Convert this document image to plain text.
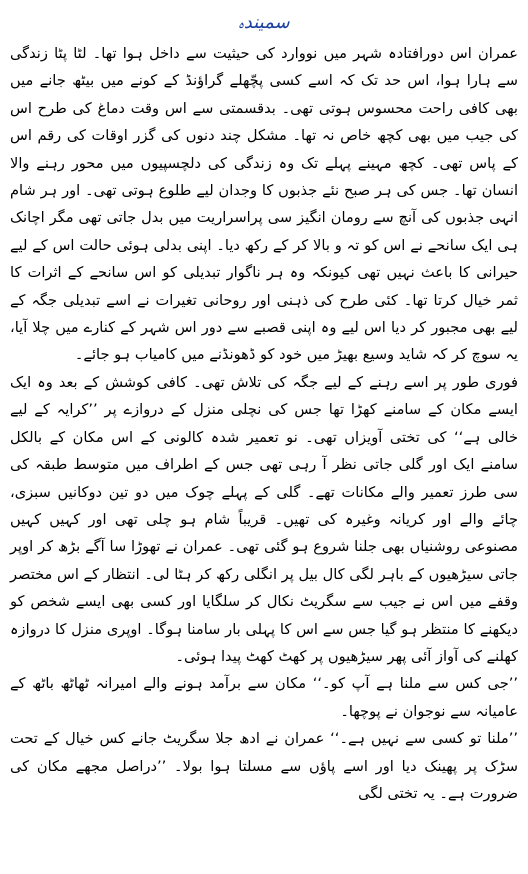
ﺳﻤﯿﻨﺪﮦ

عمران اس دورافتادہ شہر میں نووارد کی حیثیت سے داخل ہوا تھا۔ لٹا پٹا زندگی سے ہارا ہوا، اس حد تک کہ اسے کسی پچّھلے گراؤنڈ کے کونے میں بیٹھ جانے میں بھی کافی راحت محسوس ہوتی تھی۔ بدقسمتی سے اس وقت دماغ کی طرح اس کی جیب میں بھی کچھ خاص نہ تھا۔ مشکل چند دنوں کی گزر اوقات کی رقم اس کے پاس تھی۔ کچھ مہینے پہلے تک وہ زندگی کی دلچسپیوں میں محور رہنے والا انسان تھا۔ جس کی ہر صبح نئے جذبوں کا وجدان لیے طلوع ہوتی تھی۔ اور ہر شام انہی جذبوں کی آنچ سے رومان انگیز سی پراسراریت میں بدل جاتی تھی مگر اچانک ہی ایک سانحے نے اس کو تہ و بالا کر کے رکھ دیا۔ اپنی بدلی ہوئی حالت اس کے لیے حیرانی کا باعث نہیں تھی کیونکہ وہ ہر ناگوار تبدیلی کو اس سانحے کے اثرات کا ثمر خیال کرتا تھا۔ کئی طرح کی ذہنی اور روحانی تغیرات نے اسے تبدیلی جگہ کے لیے بھی مجبور کر دیا اس لیے وہ اپنی قصبے سے دور اس شہر کے کنارے میں چلا آیا، یہ سوچ کر کہ شاید وسیع بھیڑ میں خود کو ڈھونڈنے میں کامیاب ہو جائے۔

فوری طور پر اسے رہنے کے لیے جگہ کی تلاش تھی۔ کافی کوشش کے بعد وہ ایک ایسے مکان کے سامنے کھڑا تھا جس کی نچلی منزل کے دروازے پر ’’کرایہ کے لیے خالی ہے‘‘ کی تختی آویزاں تھی۔ نو تعمیر شدہ کالونی کے اس مکان کے بالکل سامنے ایک اور گلی جاتی نظر آ رہی تھی جس کے اطراف میں متوسط طبقہ کی سی طرز تعمیر والے مکانات تھے۔ گلی کے پہلے چوک میں دو تین دوکانیں سبزی، چائے والے اور کریانہ وغیرہ کی تھیں۔ قریباً شام ہو چلی تھی اور کہیں کہیں مصنوعی روشنیاں بھی جلنا شروع ہو گئی تھی۔ عمران نے تھوڑا سا آگے بڑھ کر اوپر جاتی سیڑھیوں کے باہر لگی کال بیل پر انگلی رکھ کر ہٹا لی۔ انتظار کے اس مختصر وقفے میں اس نے جیب سے سگریٹ نکال کر سلگایا اور کسی بھی ایسے شخص کو دیکھنے کا منتظر ہو گیا جس سے اس کا پہلی بار سامنا ہوگا۔ اوپری منزل کا دروازہ کھلنے کی آواز آئی پھر سیڑھیوں پر کھٹ کھٹ پیدا ہوئی۔

’’جی کس سے ملنا ہے آپ کو۔‘‘ مکان سے برآمد ہونے والے امیرانہ ٹھاٹھ باٹھ کے عامیانہ سے نوجوان نے پوچھا۔

’’ملنا تو کسی سے نہیں ہے۔‘‘ عمران نے ادھ جلا سگریٹ جانے کس خیال کے تحت سڑک پر پھینک دیا اور اسے پاؤں سے مسلتا ہوا بولا۔ ’’دراصل مجھے مکان کی ضرورت ہے۔ یہ تختی لگی
